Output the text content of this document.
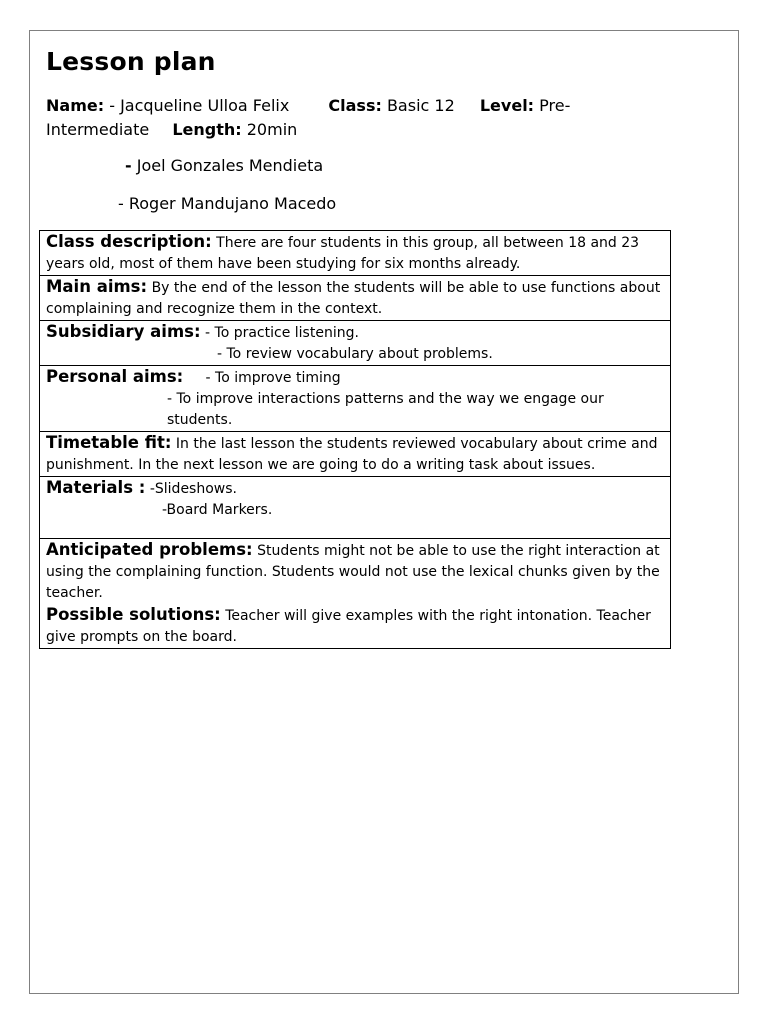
Lesson plan
Name: - Jacqueline Ulloa Felix Class: Basic 12 Level: Pre-Intermediate Length: 20min
- Joel Gonzales Mendieta
- Roger Mandujano Macedo
Class description: There are four students in this group, all between 18 and 23 years old, most of them have been studying for six months already.
Main aims: By the end of the lesson the students will be able to use functions about complaining and recognize them in the context.
Subsidiary aims: - To practice listening.
- To review vocabulary about problems.
Personal aims: - To improve timing
- To improve interactions patterns and the way we engage our students.
Timetable fit: In the last lesson the students reviewed vocabulary about crime and punishment. In the next lesson we are going to do a writing task about issues.
Materials : -Slideshows.
-Board Markers.
Anticipated problems: Students might not be able to use the right interaction at using the complaining function. Students would not use the lexical chunks given by the teacher.
Possible solutions: Teacher will give examples with the right intonation. Teacher give prompts on the board.
